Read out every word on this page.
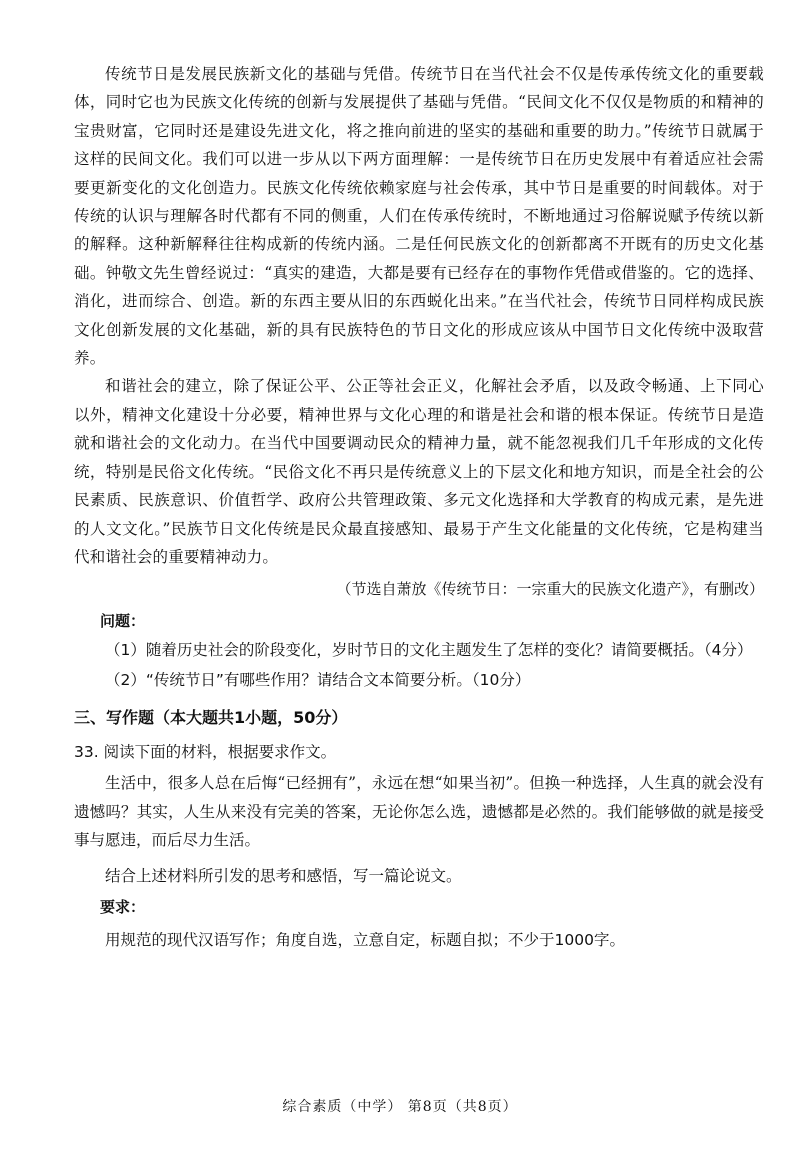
传统节日是发展民族新文化的基础与凭借。传统节日在当代社会不仅是传承传统文化的重要载体，同时它也为民族文化传统的创新与发展提供了基础与凭借。“民间文化不仅仅是物质的和精神的宝贵财富，它同时还是建设先进文化，将之推向前进的坚实的基础和重要的助力。”传统节日就属于这样的民间文化。我们可以进一步从以下两方面理解：一是传统节日在历史发展中有着适应社会需要更新变化的文化创造力。民族文化传统依赖家庭与社会传承，其中节日是重要的时间载体。对于传统的认识与理解各时代都有不同的侧重，人们在传承传统时，不断地通过习俗解说赋予传统以新的解释。这种新解释往往构成新的传统内涵。二是任何民族文化的创新都离不开既有的历史文化基础。钟敬文先生曾经说过：“真实的建造，大都是要有已经存在的事物作凭借或借鉴的。它的选择、消化，进而综合、创造。新的东西主要从旧的东西蜕化出来。”在当代社会，传统节日同样构成民族文化创新发展的文化基础，新的具有民族特色的节日文化的形成应该从中国节日文化传统中汲取营养。

和谐社会的建立，除了保证公平、公正等社会正义，化解社会矛盾，以及政令畅通、上下同心以外，精神文化建设十分必要，精神世界与文化心理的和谐是社会和谐的根本保证。传统节日是造就和谐社会的文化动力。在当代中国要调动民众的精神力量，就不能忽视我们几千年形成的文化传统，特别是民俗文化传统。“民俗文化不再只是传统意义上的下层文化和地方知识，而是全社会的公民素质、民族意识、价值哲学、政府公共管理政策、多元文化选择和大学教育的构成元素，是先进的人文文化。”民族节日文化传统是民众最直接感知、最易于产生文化能量的文化传统，它是构建当代和谐社会的重要精神动力。

（节选自萧放《传统节日：一宗重大的民族文化遗产》，有删改）

问题：

（1）随着历史社会的阶段变化，岁时节日的文化主题发生了怎样的变化？请简要概括。（4分）

（2）“传统节日”有哪些作用？请结合文本简要分析。（10分）

三、写作题（本大题共1小题，50分）

33. 阅读下面的材料，根据要求作文。

生活中，很多人总在后悔“已经拥有”，永远在想“如果当初”。但换一种选择，人生真的就会没有遗憾吗？其实，人生从来没有完美的答案，无论你怎么选，遗憾都是必然的。我们能够做的就是接受事与愿违，而后尽力生活。

结合上述材料所引发的思考和感悟，写一篇论说文。

要求：

用规范的现代汉语写作；角度自选，立意自定，标题自拟；不少于1000字。

综合素质（中学） 第8页（共8页）
